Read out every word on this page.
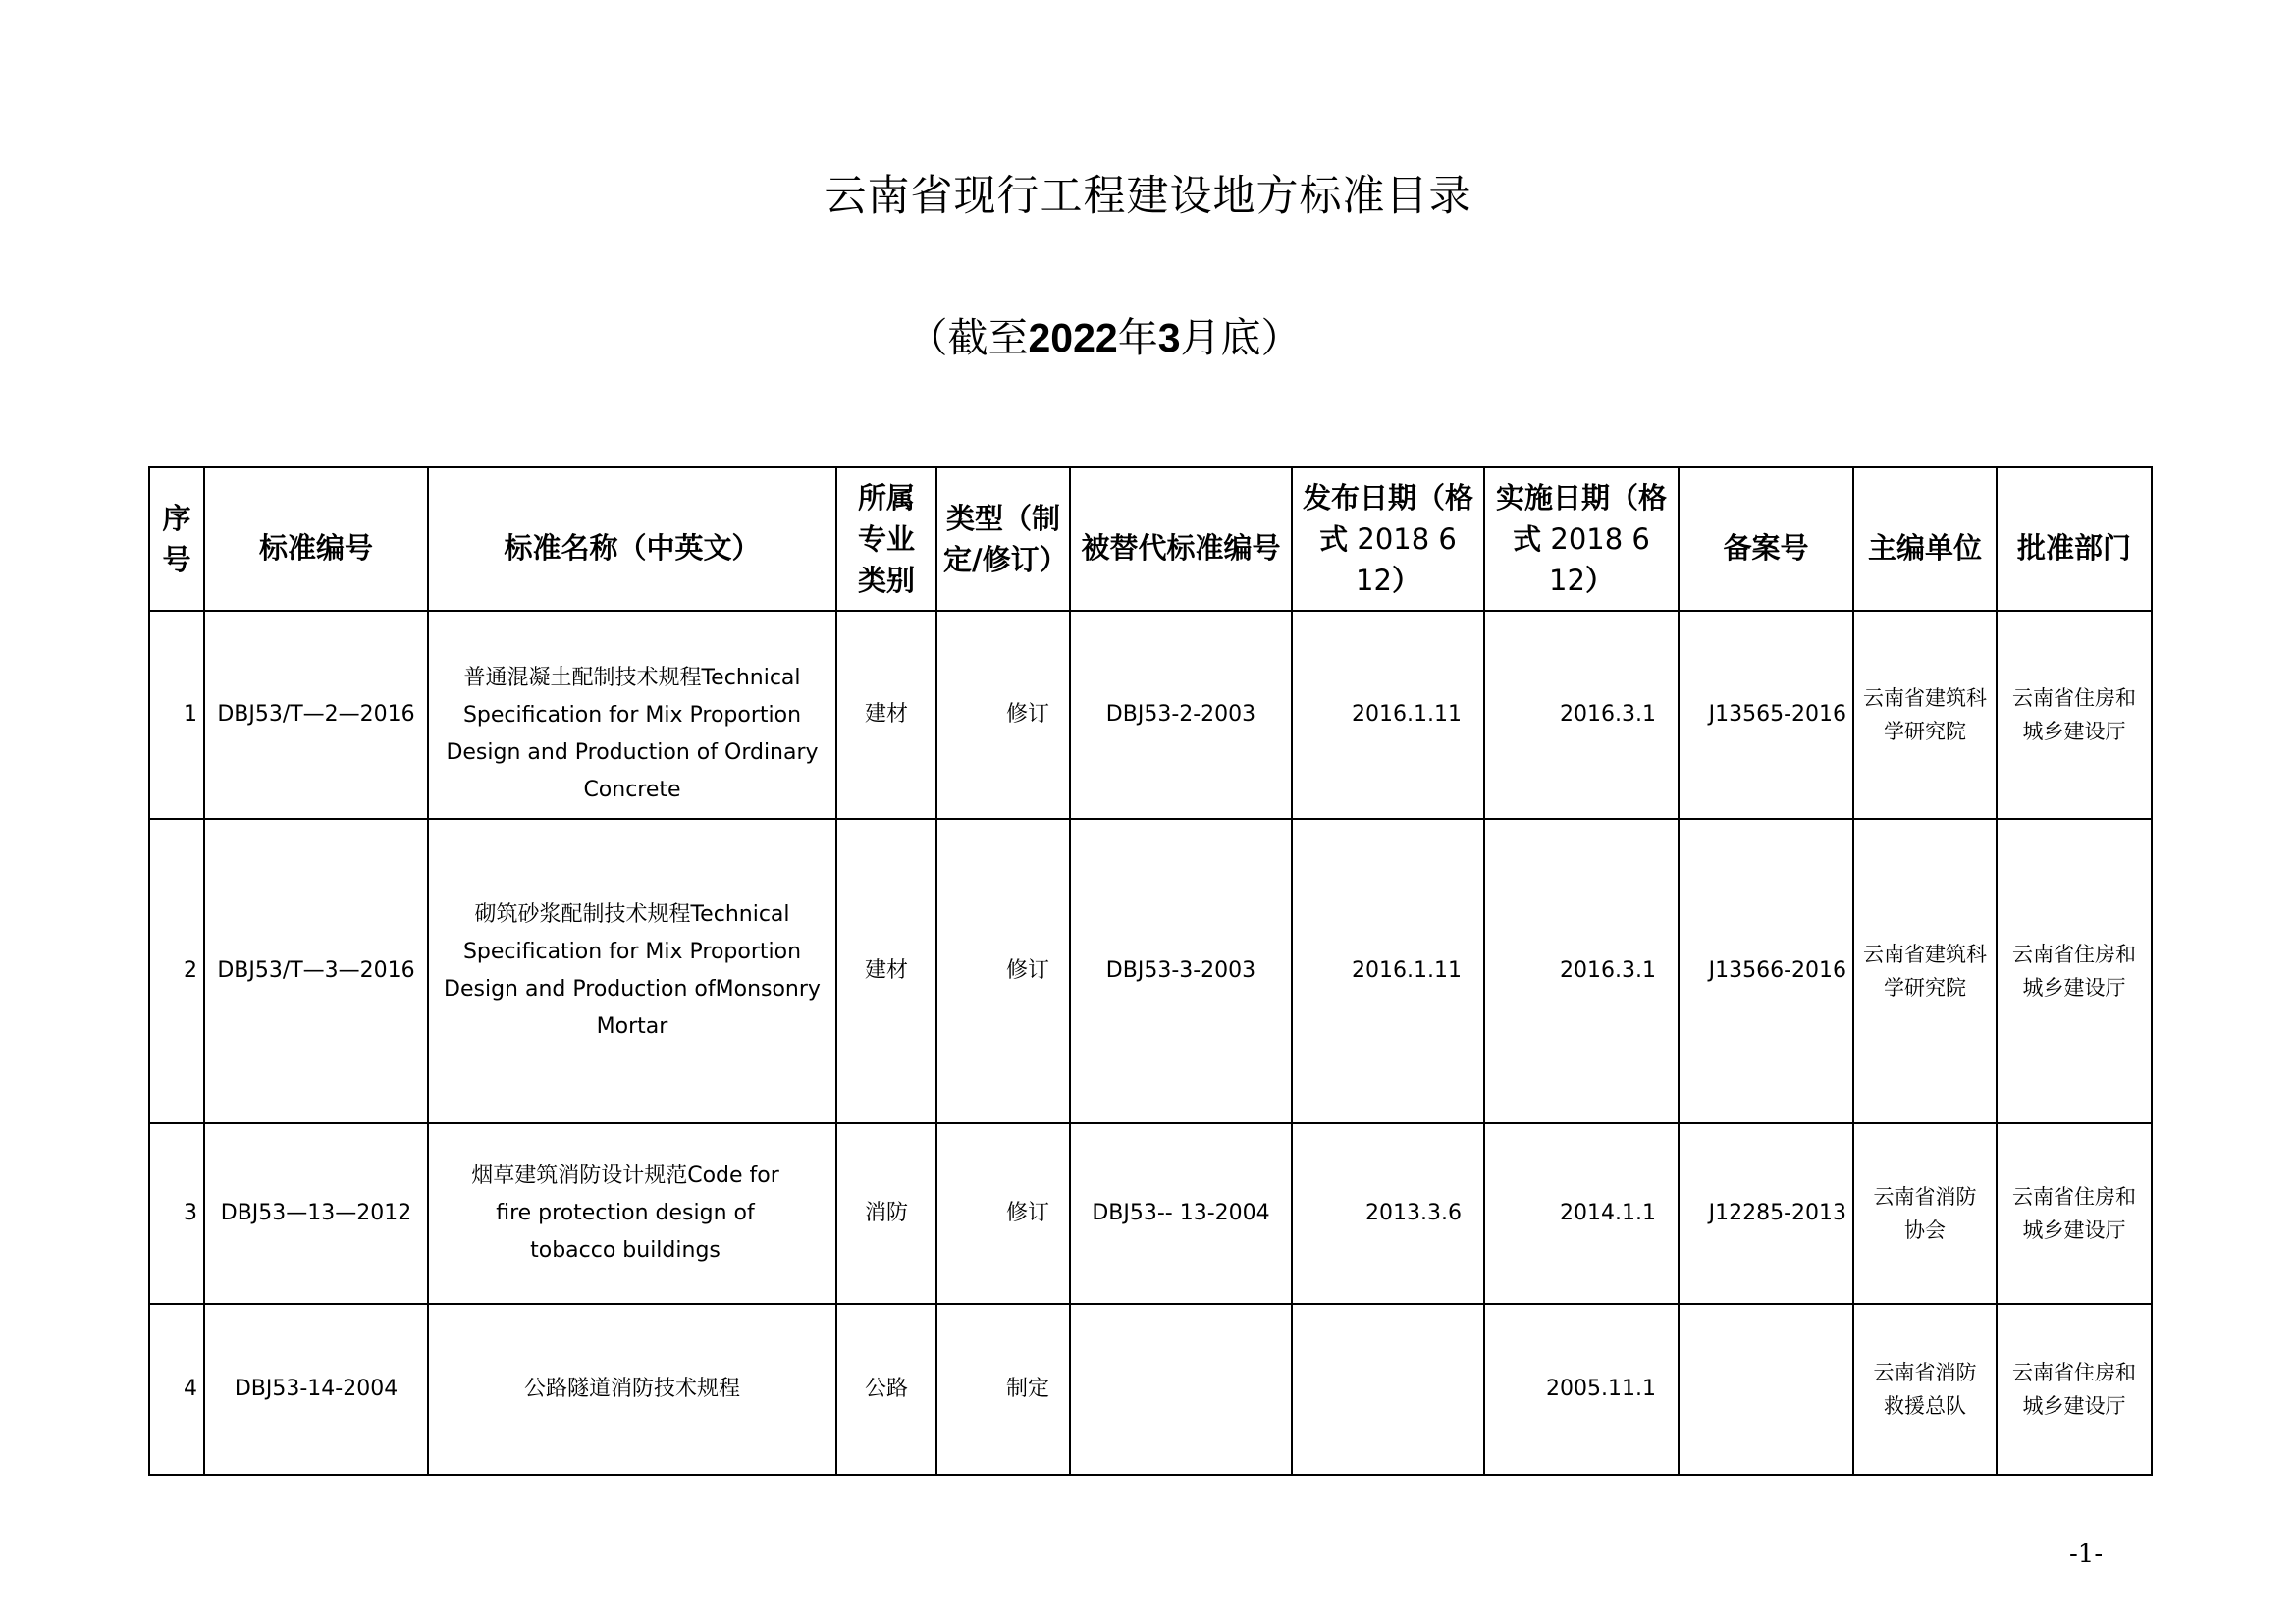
云南省现行工程建设地方标准目录
（截至2022年3月底）
序号	标准编号	标准名称（中英文）	所属专业类别	类型（制定/修订）	被替代标准编号	发布日期（格式 2018 6 12）	实施日期（格式 2018 6 12）	备案号	主编单位	批准部门
1	DBJ53/T—2—2016	普通混凝土配制技术规程Technical Specification for Mix Proportion Design and Production of Ordinary Concrete	建材	修订	DBJ53-2-2003	2016.1.11	2016.3.1	J13565-2016	云南省建筑科学研究院	云南省住房和城乡建设厅
2	DBJ53/T—3—2016	砌筑砂浆配制技术规程Technical Specification for Mix Proportion Design and Production ofMonsonry Mortar	建材	修订	DBJ53-3-2003	2016.1.11	2016.3.1	J13566-2016	云南省建筑科学研究院	云南省住房和城乡建设厅
3	DBJ53—13—2012	烟草建筑消防设计规范Code for fire protection design of tobacco buildings	消防	修订	DBJ53-- 13-2004	2013.3.6	2014.1.1	J12285-2013	云南省消防协会	云南省住房和城乡建设厅
4	DBJ53-14-2004	公路隧道消防技术规程	公路	制定			2005.11.1		云南省消防救援总队	云南省住房和城乡建设厅
-1-
